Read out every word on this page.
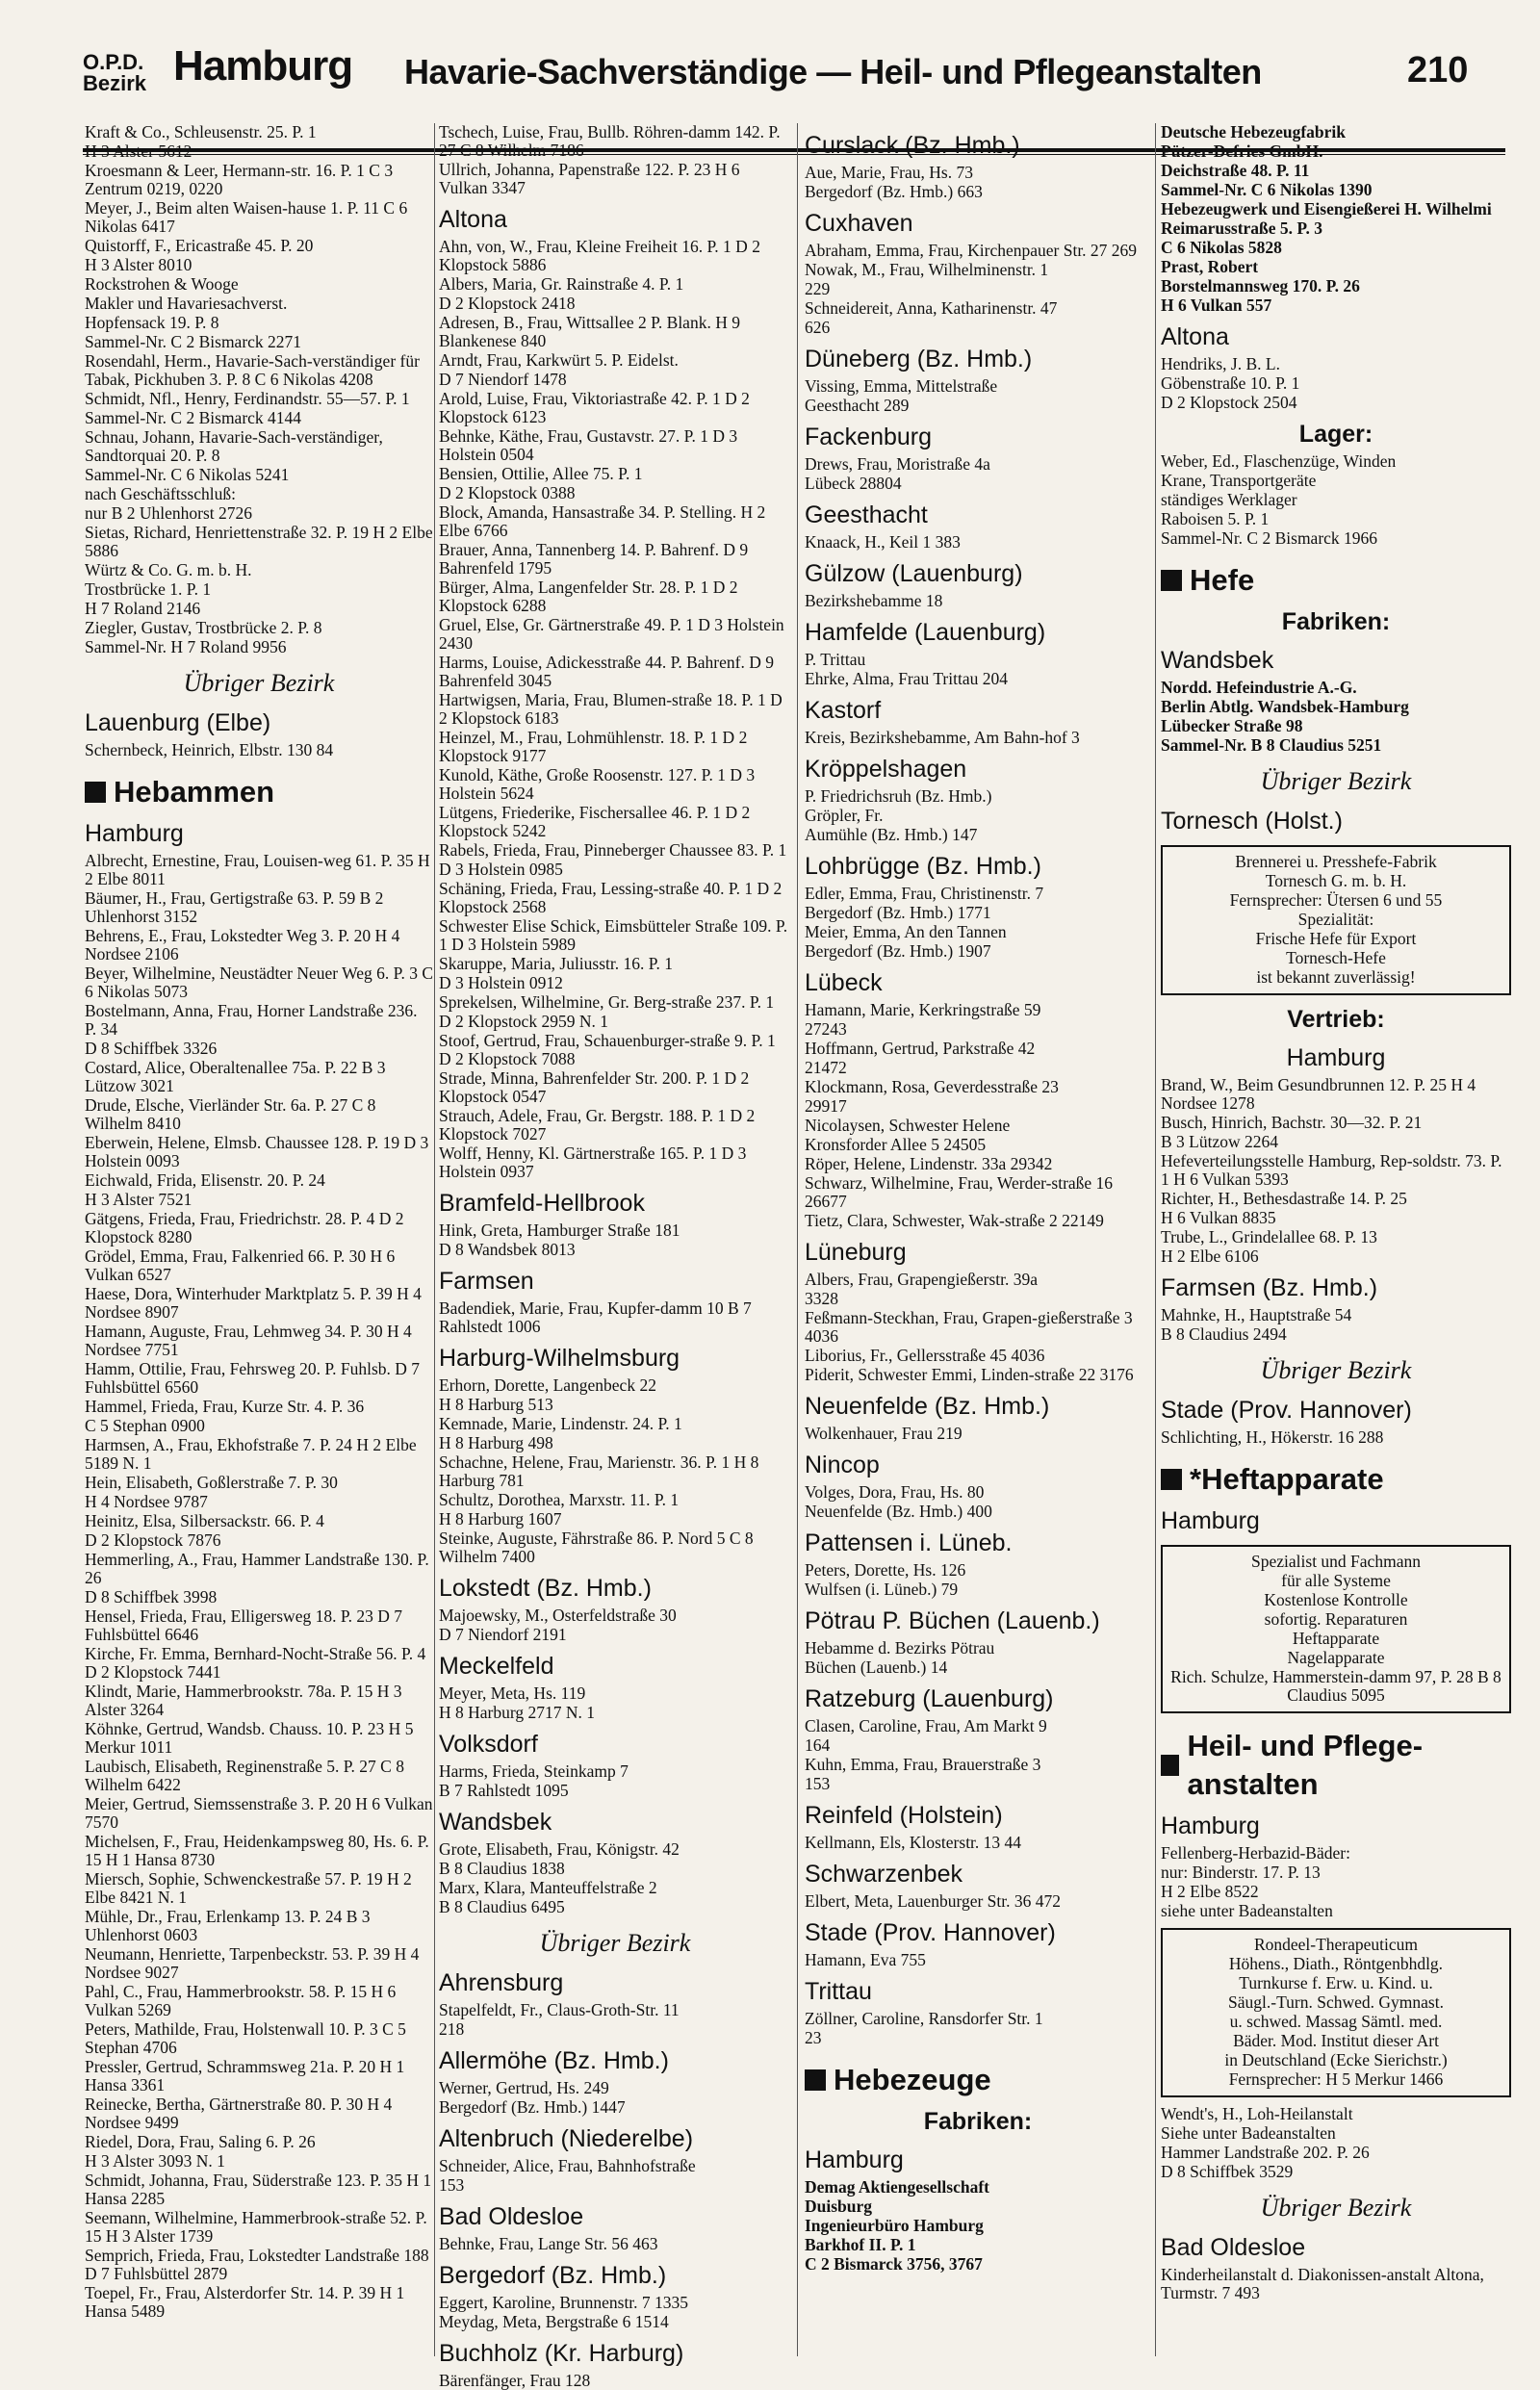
O.P.D.
Bezirk Hamburg Havarie-Sachverständige — Heil- und Pflegeanstalten	210
Kraft & Co., Schleusenstr. 25. P. 1
H 3 Alster 5612
Kroesmann & Leer, Hermann-str. 16. P. 1 C 3 Zentrum 0219, 0220
Meyer, J., Beim alten Waisen-hause 1. P. 11 C 6 Nikolas 6417
Quistorff, F., Ericastraße 45. P. 20
H 3 Alster 8010
Rockstrohen & Wooge
Makler und Havariesachverst.
Hopfensack 19. P. 8
Sammel-Nr. C 2 Bismarck 2271
Rosendahl, Herm., Havarie-Sach-verständiger für Tabak, Pickhuben 3. P. 8 C 6 Nikolas 4208
Schmidt, Nfl., Henry, Ferdinandstr. 55—57. P. 1
Sammel-Nr. C 2 Bismarck 4144
Schnau, Johann, Havarie-Sach-verständiger, Sandtorquai 20. P. 8
Sammel-Nr. C 6 Nikolas 5241
nach Geschäftsschluß:
nur B 2 Uhlenhorst 2726
Sietas, Richard, Henriettenstraße 32. P. 19 H 2 Elbe 5886
Würtz & Co. G. m. b. H.
Trostbrücke 1. P. 1
H 7 Roland 2146
Ziegler, Gustav, Trostbrücke 2. P. 8
Sammel-Nr. H 7 Roland 9956
Übriger Bezirk
Lauenburg (Elbe)
Schernbeck, Heinrich, Elbstr. 130 84
Hebammen
Hamburg
Albrecht, Ernestine, Frau, Louisen-weg 61. P. 35 H 2 Elbe 8011
Bäumer, H., Frau, Gertigstraße 63. P. 59 B 2 Uhlenhorst 3152
Behrens, E., Frau, Lokstedter Weg 3. P. 20 H 4 Nordsee 2106
Beyer, Wilhelmine, Neustädter Neuer Weg 6. P. 3 C 6 Nikolas 5073
Bostelmann, Anna, Frau, Horner Landstraße 236. P. 34
D 8 Schiffbek 3326
Costard, Alice, Oberaltenallee 75a. P. 22 B 3 Lützow 3021
Drude, Elsche, Vierländer Str. 6a. P. 27 C 8 Wilhelm 8410
Eberwein, Helene, Elmsb. Chaussee 128. P. 19 D 3 Holstein 0093
Eichwald, Frida, Elisenstr. 20. P. 24
H 3 Alster 7521
Gätgens, Frieda, Frau, Friedrichstr. 28. P. 4 D 2 Klopstock 8280
Grödel, Emma, Frau, Falkenried 66. P. 30 H 6 Vulkan 6527
Haese, Dora, Winterhuder Marktplatz 5. P. 39 H 4 Nordsee 8907
Hamann, Auguste, Frau, Lehmweg 34. P. 30 H 4 Nordsee 7751
Hamm, Ottilie, Frau, Fehrsweg 20. P. Fuhlsb. D 7 Fuhlsbüttel 6560
Hammel, Frieda, Frau, Kurze Str. 4. P. 36
C 5 Stephan 0900
Harmsen, A., Frau, Ekhofstraße 7. P. 24 H 2 Elbe 5189 N. 1
Hein, Elisabeth, Goßlerstraße 7. P. 30
H 4 Nordsee 9787
Heinitz, Elsa, Silbersackstr. 66. P. 4
D 2 Klopstock 7876
Hemmerling, A., Frau, Hammer Landstraße 130. P. 26
D 8 Schiffbek 3998
Hensel, Frieda, Frau, Elligersweg 18. P. 23 D 7 Fuhlsbüttel 6646
Kirche, Fr. Emma, Bernhard-Nocht-Straße 56. P. 4 D 2 Klopstock 7441
Klindt, Marie, Hammerbrookstr. 78a. P. 15 H 3 Alster 3264
Köhnke, Gertrud, Wandsb. Chauss. 10. P. 23 H 5 Merkur 1011
Laubisch, Elisabeth, Reginenstraße 5. P. 27 C 8 Wilhelm 6422
Meier, Gertrud, Siemssenstraße 3. P. 20 H 6 Vulkan 7570
Michelsen, F., Frau, Heidenkampsweg 80, Hs. 6. P. 15 H 1 Hansa 8730
Miersch, Sophie, Schwenckestraße 57. P. 19 H 2 Elbe 8421 N. 1
Mühle, Dr., Frau, Erlenkamp 13. P. 24 B 3 Uhlenhorst 0603
Neumann, Henriette, Tarpenbeckstr. 53. P. 39 H 4 Nordsee 9027
Pahl, C., Frau, Hammerbrookstr. 58. P. 15 H 6 Vulkan 5269
Peters, Mathilde, Frau, Holstenwall 10. P. 3 C 5 Stephan 4706
Pressler, Gertrud, Schrammsweg 21a. P. 20 H 1 Hansa 3361
Reinecke, Bertha, Gärtnerstraße 80. P. 30 H 4 Nordsee 9499
Riedel, Dora, Frau, Saling 6. P. 26
H 3 Alster 3093 N. 1
Schmidt, Johanna, Frau, Süderstraße 123. P. 35 H 1 Hansa 2285
Seemann, Wilhelmine, Hammerbrook-straße 52. P. 15 H 3 Alster 1739
Semprich, Frieda, Frau, Lokstedter Landstraße 188 D 7 Fuhlsbüttel 2879
Toepel, Fr., Frau, Alsterdorfer Str. 14. P. 39 H 1 Hansa 5489
Tschech, Luise, Frau, Bullb. Röhren-damm 142. P. 27 C 8 Wilhelm 7186
Ullrich, Johanna, Papenstraße 122. P. 23 H 6 Vulkan 3347
Altona
Ahn, von, W., Frau, Kleine Freiheit 16. P. 1 D 2 Klopstock 5886
Albers, Maria, Gr. Rainstraße 4. P. 1
D 2 Klopstock 2418
Adresen, B., Frau, Wittsallee 2 P. Blank. H 9 Blankenese 840
Arndt, Frau, Karkwürt 5. P. Eidelst.
D 7 Niendorf 1478
Arold, Luise, Frau, Viktoriastraße 42. P. 1 D 2 Klopstock 6123
Behnke, Käthe, Frau, Gustavstr. 27. P. 1 D 3 Holstein 0504
Bensien, Ottilie, Allee 75. P. 1
D 2 Klopstock 0388
Block, Amanda, Hansastraße 34. P. Stelling. H 2 Elbe 6766
Brauer, Anna, Tannenberg 14. P. Bahrenf. D 9 Bahrenfeld 1795
Bürger, Alma, Langenfelder Str. 28. P. 1 D 2 Klopstock 6288
Gruel, Else, Gr. Gärtnerstraße 49. P. 1 D 3 Holstein 2430
Harms, Louise, Adickesstraße 44. P. Bahrenf. D 9 Bahrenfeld 3045
Hartwigsen, Maria, Frau, Blumen-straße 18. P. 1 D 2 Klopstock 6183
Heinzel, M., Frau, Lohmühlenstr. 18. P. 1 D 2 Klopstock 9177
Kunold, Käthe, Große Roosenstr. 127. P. 1 D 3 Holstein 5624
Lütgens, Friederike, Fischersallee 46. P. 1 D 2 Klopstock 5242
Rabels, Frieda, Frau, Pinneberger Chaussee 83. P. 1
D 3 Holstein 0985
Schäning, Frieda, Frau, Lessing-straße 40. P. 1 D 2 Klopstock 2568
Schwester Elise Schick, Eimsbütteler Straße 109. P. 1 D 3 Holstein 5989
Skaruppe, Maria, Juliusstr. 16. P. 1
D 3 Holstein 0912
Sprekelsen, Wilhelmine, Gr. Berg-straße 237. P. 1
D 2 Klopstock 2959 N. 1
Stoof, Gertrud, Frau, Schauenburger-straße 9. P. 1 D 2 Klopstock 7088
Strade, Minna, Bahrenfelder Str. 200. P. 1 D 2 Klopstock 0547
Strauch, Adele, Frau, Gr. Bergstr. 188. P. 1 D 2 Klopstock 7027
Wolff, Henny, Kl. Gärtnerstraße 165. P. 1 D 3 Holstein 0937
Bramfeld-Hellbrook
Hink, Greta, Hamburger Straße 181
D 8 Wandsbek 8013
Farmsen
Badendiek, Marie, Frau, Kupfer-damm 10 B 7 Rahlstedt 1006
Harburg-Wilhelmsburg
Erhorn, Dorette, Langenbeck 22
H 8 Harburg 513
Kemnade, Marie, Lindenstr. 24. P. 1
H 8 Harburg 498
Schachne, Helene, Frau, Marienstr. 36. P. 1 H 8 Harburg 781
Schultz, Dorothea, Marxstr. 11. P. 1
H 8 Harburg 1607
Steinke, Auguste, Fährstraße 86. P. Nord 5 C 8 Wilhelm 7400
Lokstedt (Bz. Hmb.)
Majoewsky, M., Osterfeldstraße 30
D 7 Niendorf 2191
Meckelfeld
Meyer, Meta, Hs. 119
H 8 Harburg 2717 N. 1
Volksdorf
Harms, Frieda, Steinkamp 7
B 7 Rahlstedt 1095
Wandsbek
Grote, Elisabeth, Frau, Königstr. 42
B 8 Claudius 1838
Marx, Klara, Manteuffelstraße 2
B 8 Claudius 6495
Übriger Bezirk
Ahrensburg
Stapelfeldt, Fr., Claus-Groth-Str. 11
218
Allermöhe (Bz. Hmb.)
Werner, Gertrud, Hs. 249
Bergedorf (Bz. Hmb.) 1447
Altenbruch (Niederelbe)
Schneider, Alice, Frau, Bahnhofstraße
153
Bad Oldesloe
Behnke, Frau, Lange Str. 56 463
Bergedorf (Bz. Hmb.)
Eggert, Karoline, Brunnenstr. 7 1335
Meydag, Meta, Bergstraße 6 1514
Buchholz (Kr. Harburg)
Bärenfänger, Frau 128
Curslack (Bz. Hmb.)
Aue, Marie, Frau, Hs. 73
Bergedorf (Bz. Hmb.) 663
Cuxhaven
Abraham, Emma, Frau, Kirchenpauer Str. 27 269
Nowak, M., Frau, Wilhelminenstr. 1
229
Schneidereit, Anna, Katharinenstr. 47
626
Düneberg (Bz. Hmb.)
Vissing, Emma, Mittelstraße
Geesthacht 289
Fackenburg
Drews, Frau, Moristraße 4a
Lübeck 28804
Geesthacht
Knaack, H., Keil 1 383
Gülzow (Lauenburg)
Bezirkshebamme 18
Hamfelde (Lauenburg)
P. Trittau
Ehrke, Alma, Frau Trittau 204
Kastorf
Kreis, Bezirkshebamme, Am Bahn-hof 3
Kröppelshagen
P. Friedrichsruh (Bz. Hmb.)
Gröpler, Fr.
Aumühle (Bz. Hmb.) 147
Lohbrügge (Bz. Hmb.)
Edler, Emma, Frau, Christinenstr. 7
Bergedorf (Bz. Hmb.) 1771
Meier, Emma, An den Tannen
Bergedorf (Bz. Hmb.) 1907
Lübeck
Hamann, Marie, Kerkringstraße 59
27243
Hoffmann, Gertrud, Parkstraße 42
21472
Klockmann, Rosa, Geverdesstraße 23
29917
Nicolaysen, Schwester Helene
Kronsforder Allee 5 24505
Röper, Helene, Lindenstr. 33a 29342
Schwarz, Wilhelmine, Frau, Werder-straße 16 26677
Tietz, Clara, Schwester, Wak-straße 2 22149
Lüneburg
Albers, Frau, Grapengießerstr. 39a
3328
Feßmann-Steckhan, Frau, Grapen-gießerstraße 3 4036
Liborius, Fr., Gellersstraße 45 4036
Piderit, Schwester Emmi, Linden-straße 22 3176
Neuenfelde (Bz. Hmb.)
Wolkenhauer, Frau 219
Nincop
Volges, Dora, Frau, Hs. 80
Neuenfelde (Bz. Hmb.) 400
Pattensen i. Lüneb.
Peters, Dorette, Hs. 126
Wulfsen (i. Lüneb.) 79
Pötrau P. Büchen (Lauenb.)
Hebamme d. Bezirks Pötrau
Büchen (Lauenb.) 14
Ratzeburg (Lauenburg)
Clasen, Caroline, Frau, Am Markt 9
164
Kuhn, Emma, Frau, Brauerstraße 3
153
Reinfeld (Holstein)
Kellmann, Els, Klosterstr. 13 44
Schwarzenbek
Elbert, Meta, Lauenburger Str. 36 472
Stade (Prov. Hannover)
Hamann, Eva 755
Trittau
Zöllner, Caroline, Ransdorfer Str. 1
23
Hebezeuge
Fabriken:
Hamburg
Demag Aktiengesellschaft
Duisburg
Ingenieurbüro Hamburg
Barkhof II. P. 1
C 2 Bismarck 3756, 3767
Deutsche Hebezeugfabrik
Pützer-Defries GmbH.
Deichstraße 48. P. 11
Sammel-Nr. C 6 Nikolas 1390
Hebezeugwerk und Eisengießerei H. Wilhelmi
Reimarusstraße 5. P. 3
C 6 Nikolas 5828
Prast, Robert
Borstelmannsweg 170. P. 26
H 6 Vulkan 557
Altona
Hendriks, J. B. L.
Göbenstraße 10. P. 1
D 2 Klopstock 2504
Lager:
Weber, Ed., Flaschenzüge, Winden
Krane, Transportgeräte
ständiges Werklager
Raboisen 5. P. 1
Sammel-Nr. C 2 Bismarck 1966
Hefe
Fabriken:
Wandsbek
Nordd. Hefeindustrie A.-G.
Berlin Abtlg. Wandsbek-Hamburg
Lübecker Straße 98
Sammel-Nr. B 8 Claudius 5251
Übriger Bezirk
Tornesch (Holst.)
Brennerei u. Presshefe-Fabrik
Tornesch G. m. b. H.
Fernsprecher: Ütersen 6 und 55
Spezialität:
Frische Hefe für Export
Tornesch-Hefe
ist bekannt zuverlässig!
Vertrieb:
Hamburg
Brand, W., Beim Gesundbrunnen 12. P. 25 H 4 Nordsee 1278
Busch, Hinrich, Bachstr. 30—32. P. 21
B 3 Lützow 2264
Hefeverteilungsstelle Hamburg, Rep-soldstr. 73. P. 1 H 6 Vulkan 5393
Richter, H., Bethesdastraße 14. P. 25
H 6 Vulkan 8835
Trube, L., Grindelallee 68. P. 13
H 2 Elbe 6106
Farmsen (Bz. Hmb.)
Mahnke, H., Hauptstraße 54
B 8 Claudius 2494
Übriger Bezirk
Stade (Prov. Hannover)
Schlichting, H., Hökerstr. 16 288
*Heftapparate
Hamburg
Spezialist und Fachmann
für alle Systeme
Kostenlose Kontrolle
sofortig. Reparaturen
Heftapparate
Nagelapparate
Rich. Schulze, Hammerstein-damm 97, P. 28 B 8 Claudius 5095
Heil- und Pflege-anstalten
Hamburg
Fellenberg-Herbazid-Bäder:
nur: Binderstr. 17. P. 13
H 2 Elbe 8522
siehe unter Badeanstalten
Rondeel-Therapeuticum
Höhens., Diath., Röntgenbhdlg.
Turnkurse f. Erw. u. Kind. u.
Säugl.-Turn. Schwed. Gymnast.
u. schwed. Massag Sämtl. med.
Bäder. Mod. Institut dieser Art
in Deutschland (Ecke Sierichstr.)
Fernsprecher: H 5 Merkur 1466
Wendt's, H., Loh-Heilanstalt
Siehe unter Badeanstalten
Hammer Landstraße 202. P. 26
D 8 Schiffbek 3529
Übriger Bezirk
Bad Oldesloe
Kinderheilanstalt d. Diakonissen-anstalt Altona, Turmstr. 7 493
